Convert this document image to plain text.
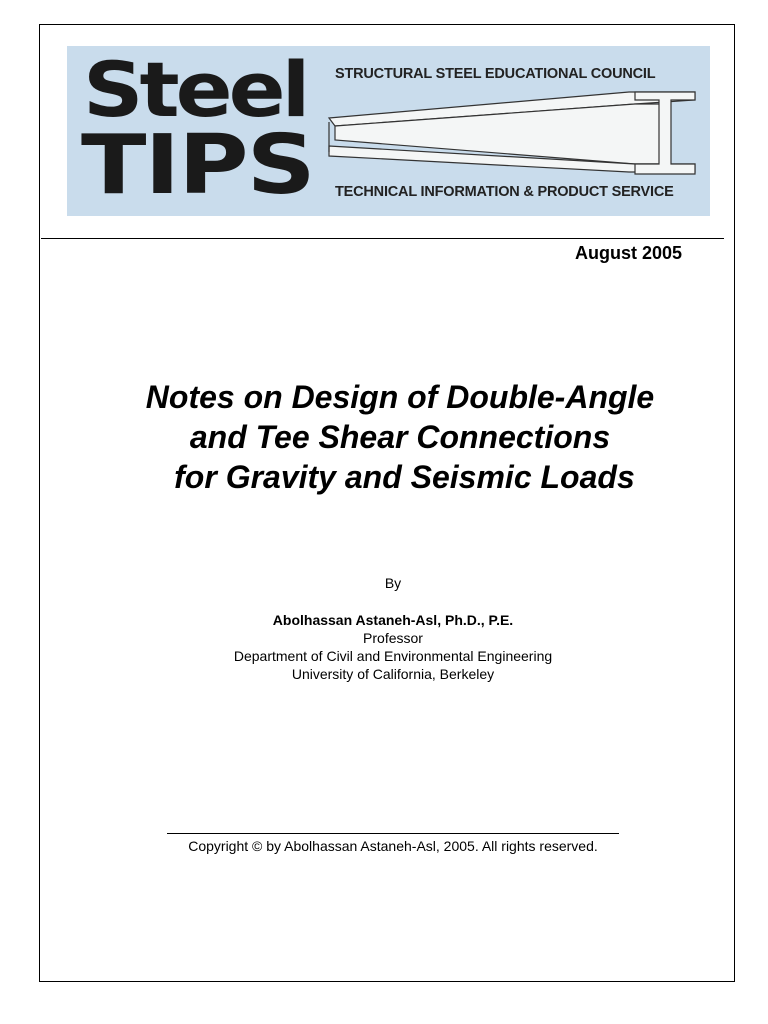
Steel
TIPS
STRUCTURAL STEEL EDUCATIONAL COUNCIL
TECHNICAL INFORMATION & PRODUCT SERVICE
August 2005
Notes on Design of Double-Angle
and Tee Shear Connections
for Gravity and Seismic Loads
By
Abolhassan Astaneh-Asl, Ph.D., P.E.
Professor
Department of Civil and Environmental Engineering
University of California, Berkeley
Copyright © by Abolhassan Astaneh-Asl, 2005. All rights reserved.
